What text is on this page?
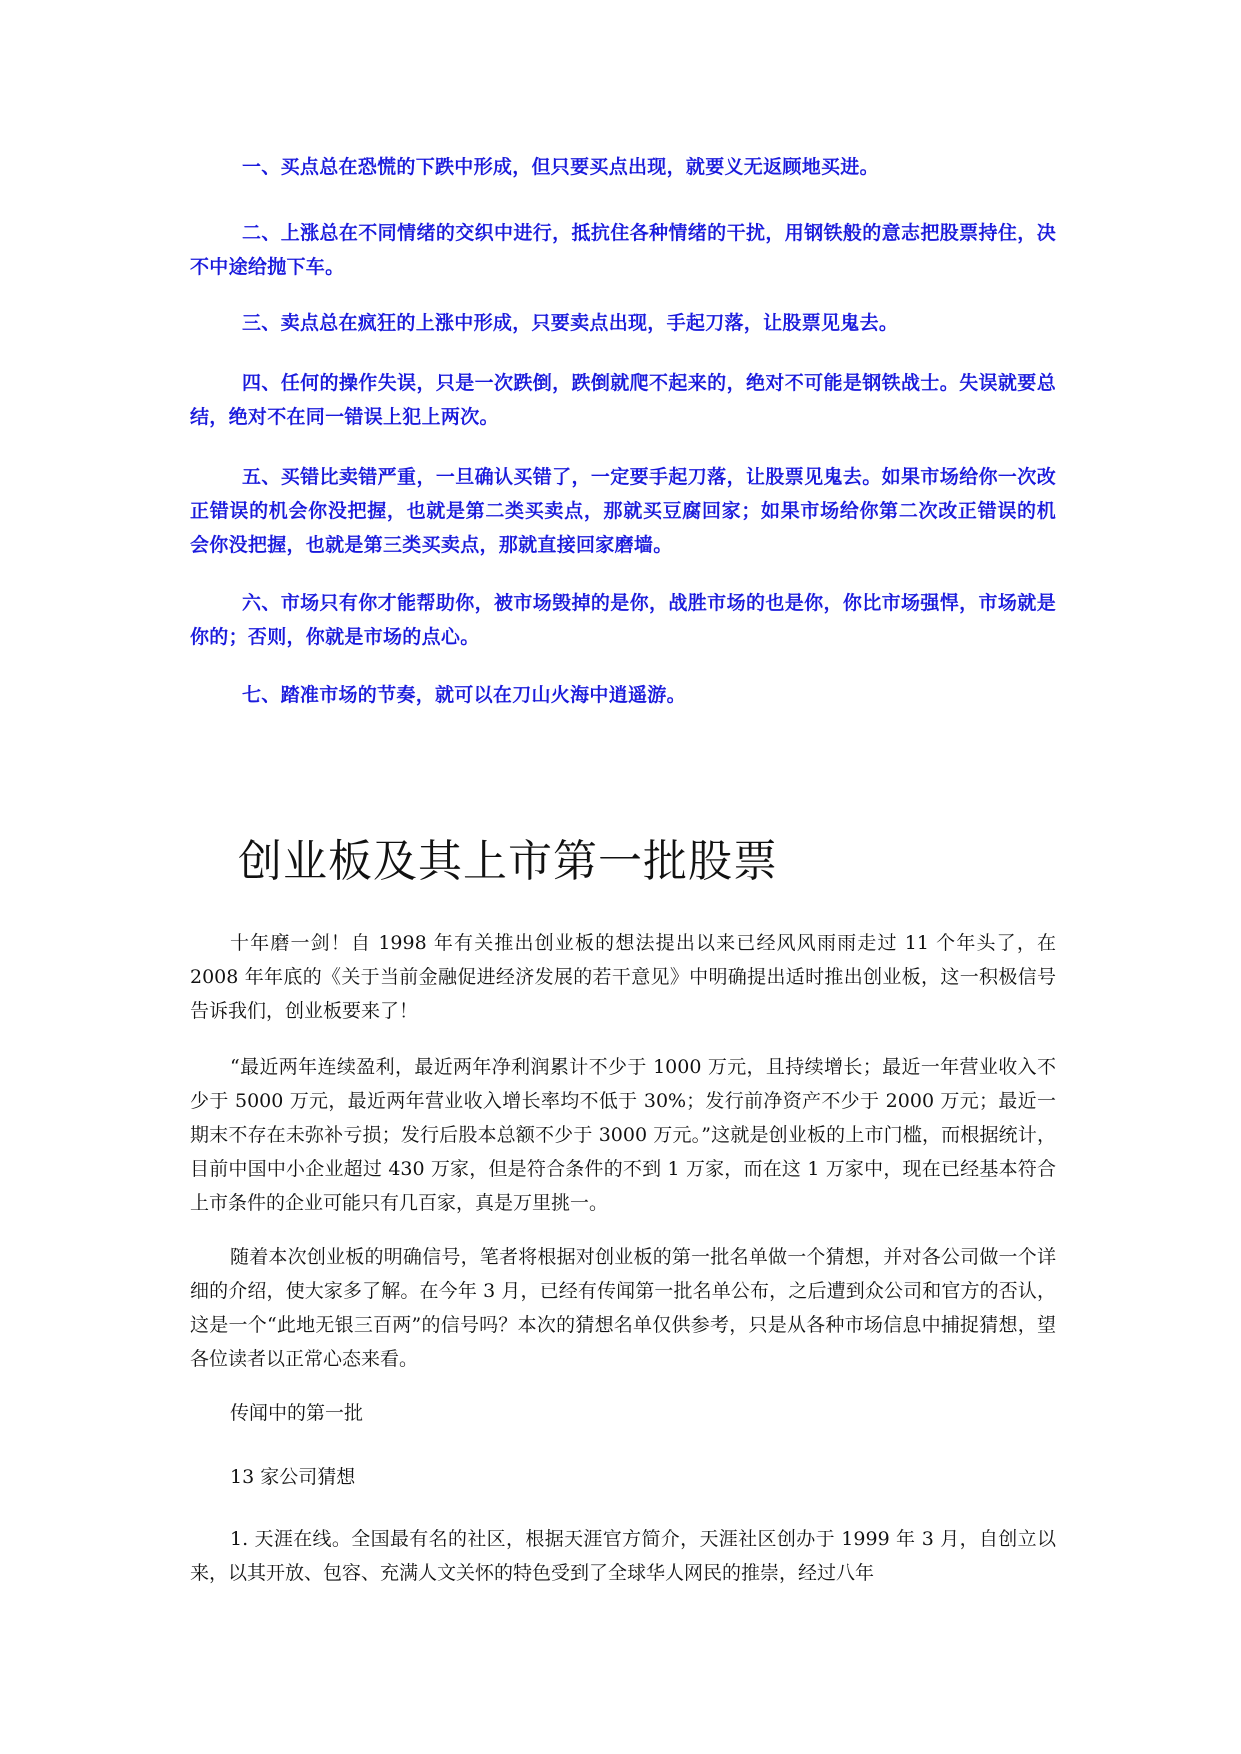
一、买点总在恐慌的下跌中形成，但只要买点出现，就要义无返顾地买进。

二、上涨总在不同情绪的交织中进行，抵抗住各种情绪的干扰，用钢铁般的意志把股票持住，决不中途给抛下车。

三、卖点总在疯狂的上涨中形成，只要卖点出现，手起刀落，让股票见鬼去。

四、任何的操作失误，只是一次跌倒，跌倒就爬不起来的，绝对不可能是钢铁战士。失误就要总结，绝对不在同一错误上犯上两次。

五、买错比卖错严重，一旦确认买错了，一定要手起刀落，让股票见鬼去。如果市场给你一次改正错误的机会你没把握，也就是第二类买卖点，那就买豆腐回家；如果市场给你第二次改正错误的机会你没把握，也就是第三类买卖点，那就直接回家磨墙。

六、市场只有你才能帮助你，被市场毁掉的是你，战胜市场的也是你，你比市场强悍，市场就是你的；否则，你就是市场的点心。

七、踏准市场的节奏，就可以在刀山火海中逍遥游。

创业板及其上市第一批股票

十年磨一剑！自 1998 年有关推出创业板的想法提出以来已经风风雨雨走过 11 个年头了，在 2008 年年底的《关于当前金融促进经济发展的若干意见》中明确提出适时推出创业板，这一积极信号告诉我们，创业板要来了！

“最近两年连续盈利，最近两年净利润累计不少于 1000 万元，且持续增长；最近一年营业收入不少于 5000 万元，最近两年营业收入增长率均不低于 30%；发行前净资产不少于 2000 万元；最近一期末不存在未弥补亏损；发行后股本总额不少于 3000 万元。”这就是创业板的上市门槛，而根据统计，目前中国中小企业超过 430 万家，但是符合条件的不到 1 万家，而在这 1 万家中，现在已经基本符合上市条件的企业可能只有几百家，真是万里挑一。

随着本次创业板的明确信号，笔者将根据对创业板的第一批名单做一个猜想，并对各公司做一个详细的介绍，使大家多了解。在今年 3 月，已经有传闻第一批名单公布，之后遭到众公司和官方的否认，这是一个“此地无银三百两”的信号吗？本次的猜想名单仅供参考，只是从各种市场信息中捕捉猜想，望各位读者以正常心态来看。

传闻中的第一批

13 家公司猜想

1. 天涯在线。全国最有名的社区，根据天涯官方简介，天涯社区创办于 1999 年 3 月，自创立以来，以其开放、包容、充满人文关怀的特色受到了全球华人网民的推崇，经过八年
